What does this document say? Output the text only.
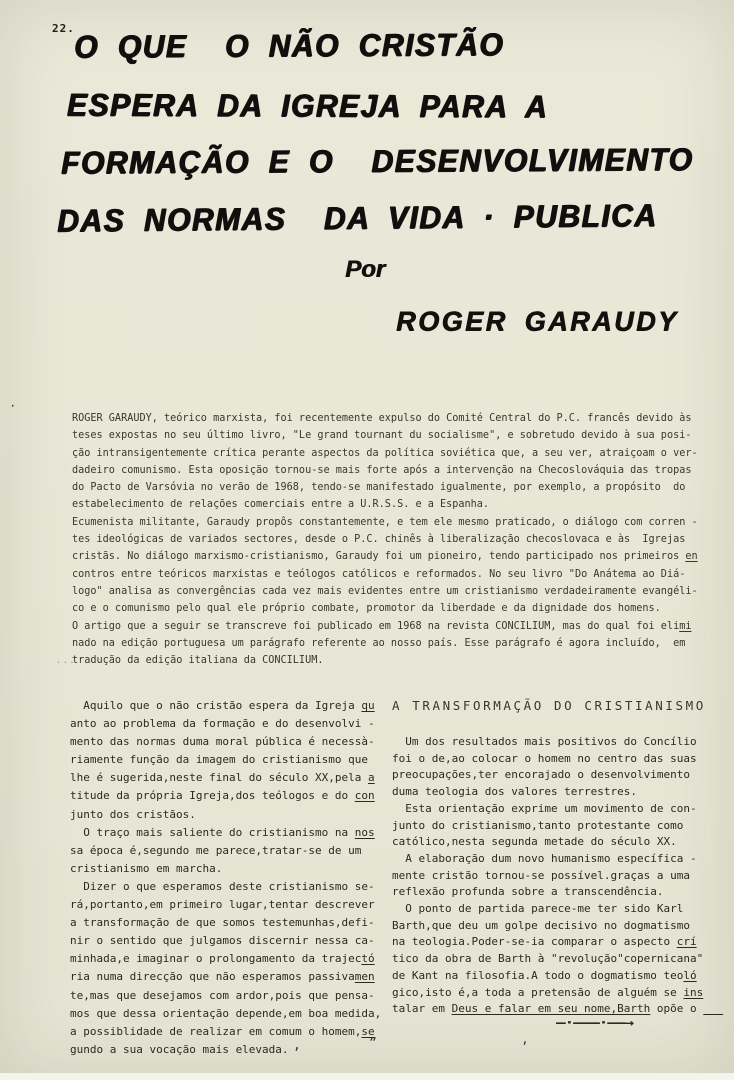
22. O QUE  O NÃO CRISTÃO
ESPERA DA IGREJA PARA A
FORMAÇÃO E O  DESENVOLVIMENTO
DAS NORMAS  DA VIDA · PUBLICA
Por
ROGER GARAUDY
ROGER GARAUDY, teórico marxista, foi recentemente expulso do Comité Central do P.C. francês devido às
teses expostas no seu último livro, "Le grand tournant du socialisme", e sobretudo devido à sua posi-
ção intransigentemente crítica perante aspectos da política soviética que, a seu ver, atraiçoam o ver-
dadeiro comunismo. Esta oposição tornou-se mais forte após a intervenção na Checoslováquia das tropas
do Pacto de Varsóvia no verão de 1968, tendo-se manifestado igualmente, por exemplo, a propósito  do
estabelecimento de relações comerciais entre a U.R.S.S. e a Espanha.
Ecumenista militante, Garaudy propôs constantemente, e tem ele mesmo praticado, o diálogo com corren -
tes ideológicas de variados sectores, desde o P.C. chinês à liberalização checoslovaca e às  Igrejas
cristãs. No diálogo marxismo-cristianismo, Garaudy foi um pioneiro, tendo participado nos primeiros en
contros entre teóricos marxistas e teólogos católicos e reformados. No seu livro "Do Anátema ao Diá-
logo" analisa as convergências cada vez mais evidentes entre um cristianismo verdadeiramente evangéli-
co e o comunismo pelo qual ele próprio combate, promotor da liberdade e da dignidade dos homens.
O artigo que a seguir se transcreve foi publicado em 1968 na revista CONCILIUM, mas do qual foi elimi
nado na edição portuguesa um parágrafo referente ao nosso país. Esse parágrafo é agora incluído,  em
tradução da edição italiana da CONCILIUM.
Aquilo que o não cristão espera da Igreja qu
anto ao problema da formação e do desenvolvi -
mento das normas duma moral pública é necessà-
riamente função da imagem do cristianismo que
lhe é sugerida,neste final do século XX,pela a
titude da própria Igreja,dos teólogos e do con
junto dos cristãos.
O traço mais saliente do cristianismo na nos
sa época é,segundo me parece,tratar-se de um
cristianismo em marcha.
Dizer o que esperamos deste cristianismo se-
rá,portanto,em primeiro lugar,tentar descrever
a transformação de que somos testemunhas,defi-
nir o sentido que julgamos discernir nessa ca-
minhada,e imaginar o prolongamento da trajectó
ria numa direcção que não esperamos passivamen
te,mas que desejamos com ardor,pois que pensa-
mos que dessa orientação depende,em boa medida,
a possiblidade de realizar em comum o homem,se
gundo a sua vocação mais elevada.
A TRANSFORMAÇÃO DO CRISTIANISMO
Um dos resultados mais positivos do Concílio
foi o de,ao colocar o homem no centro das suas
preocupações,ter encorajado o desenvolvimento
duma teologia dos valores terrestres.
Esta orientação exprime um movimento de con-
junto do cristianismo,tanto protestante como
católico,nesta segunda metade do século XX.
A elaboração dum novo humanismo específica -
mente cristão tornou-se possível.graças a uma
reflexão profunda sobre a transcendência.
O ponto de partida parece-me ter sido Karl
Barth,que deu um golpe decisivo no dogmatismo
na teologia.Poder-se-ia comparar o aspecto crí
tico da obra de Barth à "revolução"copernicana"
de Kant na filosofia.A todo o dogmatismo teoló
gico,isto é,a toda a pretensão de alguém se ins
talar em Deus e falar em seu nome,Barth opõe o
—·———·——→
·
···
,	”	ʼ
